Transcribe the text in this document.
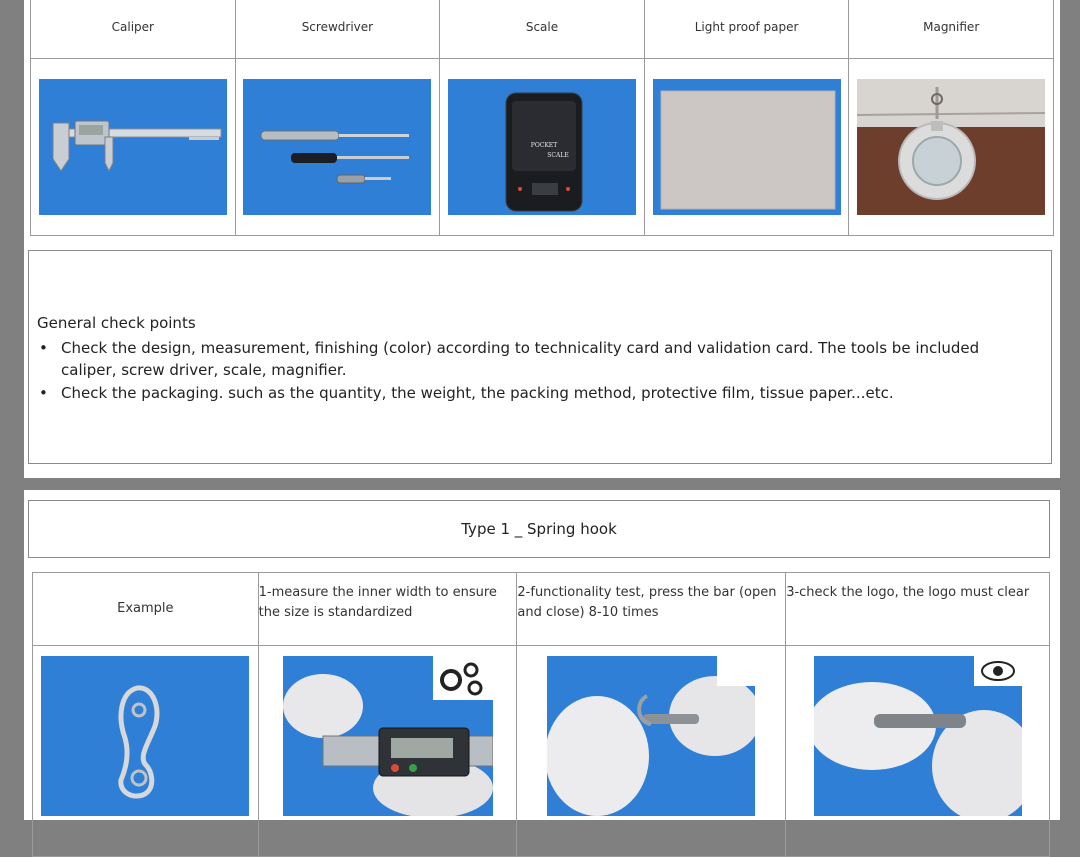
Caliper	Screwdriver	Scale	Light proof paper	Magnifier

POCKET
SCALE

General check points
• Check the design, measurement, finishing (color) according to technicality card and validation card. The tools be included caliper, screw driver, scale, magnifier.
• Check the packaging. such as the quantity, the weight, the packing method, protective film, tissue paper...etc.
Type 1 _ Spring hook
Example	1-measure the inner width to ensure the size is standardized	2-functionality test, press the bar (open and close) 8-10 times	3-check the logo, the logo must clear
